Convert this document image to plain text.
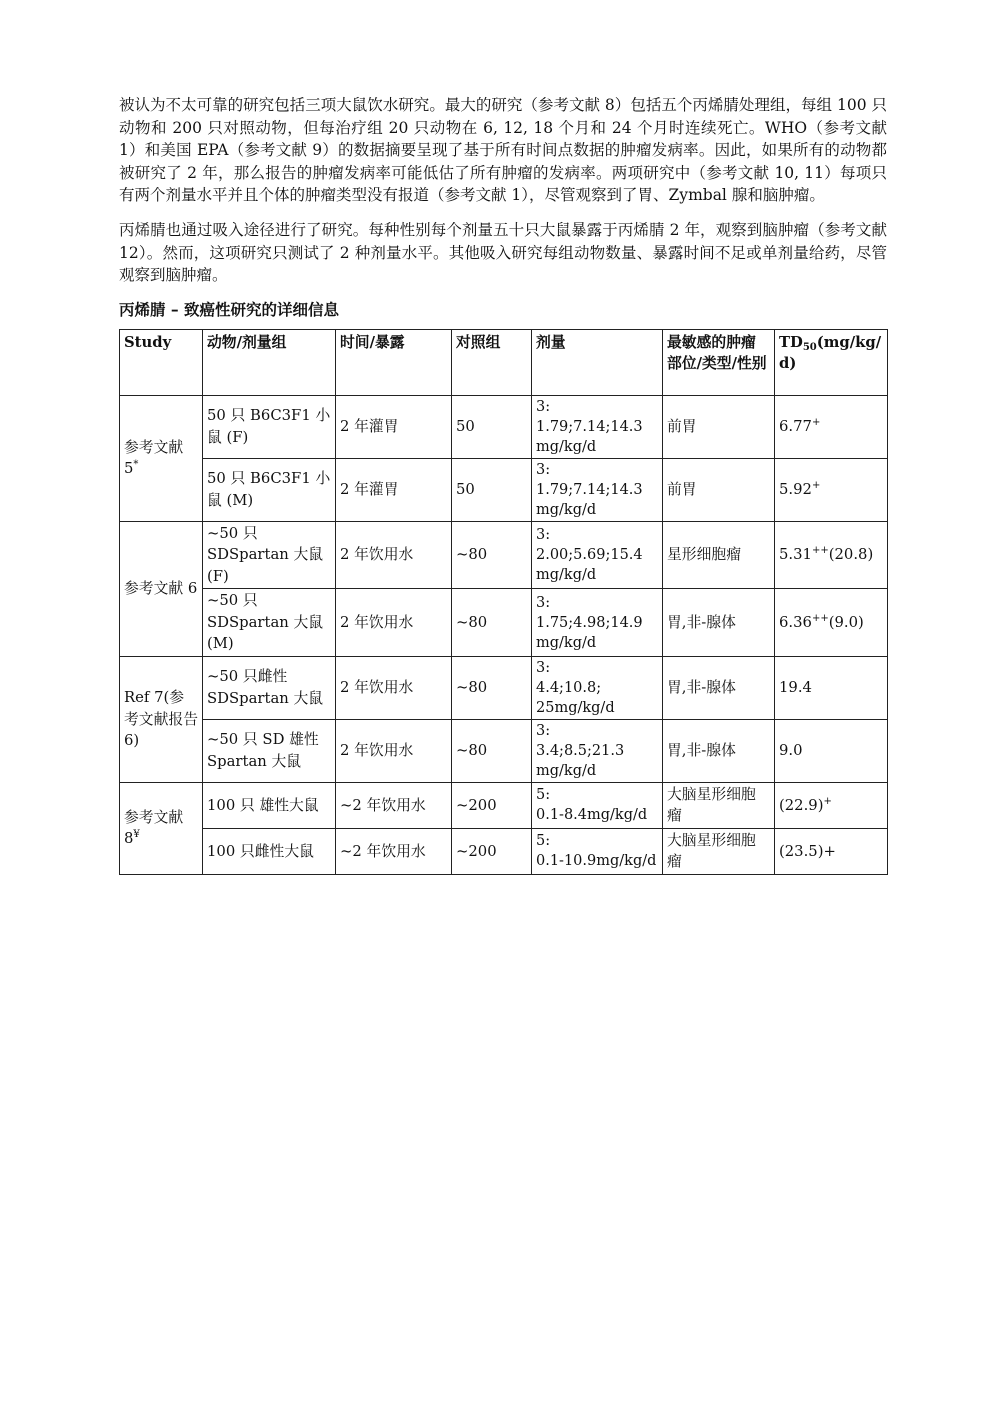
被认为不太可靠的研究包括三项大鼠饮水研究。最大的研究（参考文献 8）包括五个丙烯腈处理组，每组 100 只动物和 200 只对照动物，但每治疗组 20 只动物在 6, 12, 18 个月和 24 个月时连续死亡。WHO（参考文献 1）和美国 EPA（参考文献 9）的数据摘要呈现了基于所有时间点数据的肿瘤发病率。因此，如果所有的动物都被研究了 2 年，那么报告的肿瘤发病率可能低估了所有肿瘤的发病率。两项研究中（参考文献 10, 11）每项只有两个剂量水平并且个体的肿瘤类型没有报道（参考文献 1），尽管观察到了胃、Zymbal 腺和脑肿瘤。

丙烯腈也通过吸入途径进行了研究。每种性别每个剂量五十只大鼠暴露于丙烯腈 2 年，观察到脑肿瘤（参考文献 12）。然而，这项研究只测试了 2 种剂量水平。其他吸入研究每组动物数量、暴露时间不足或单剂量给药，尽管观察到脑肿瘤。

丙烯腈 – 致癌性研究的详细信息
Study	动物/剂量组	时间/暴露	对照组	剂量	最敏感的肿瘤部位/类型/性别	$TD_{50}(mg/kg/d)$
参考文献 5*	50 只 B6C3F1 小鼠 (F)	2 年灌胃	50	3:
1.79;7.14;14.3 mg/kg/d	前胃	6.77+
	50 只 B6C3F1 小鼠 (M)	2 年灌胃	50	3:
1.79;7.14;14.3 mg/kg/d	前胃	5.92+
参考文献 6	~50 只 SDSpartan 大鼠 (F)	2 年饮用水	~80	3:
2.00;5.69;15.4 mg/kg/d	星形细胞瘤	5.31++(20.8)
	~50 只 SDSpartan 大鼠 (M)	2 年饮用水	~80	3:
1.75;4.98;14.9 mg/kg/d	胃,非-腺体	6.36++(9.0)
Ref 7(参考文献报告 6)	~50 只雌性 SDSpartan 大鼠	2 年饮用水	~80	3:
4.4;10.8; 25mg/kg/d	胃,非-腺体	19.4
	~50 只 SD 雄性 Spartan 大鼠	2 年饮用水	~80	3:
3.4;8.5;21.3 mg/kg/d	胃,非-腺体	9.0
参考文献 8¥	100 只 雄性大鼠	~2 年饮用水	~200	5:
0.1-8.4mg/kg/d	大脑星形细胞瘤	(22.9)+
	100 只雌性大鼠	~2 年饮用水	~200	5:
0.1-10.9mg/kg/d	大脑星形细胞瘤	(23.5)+
